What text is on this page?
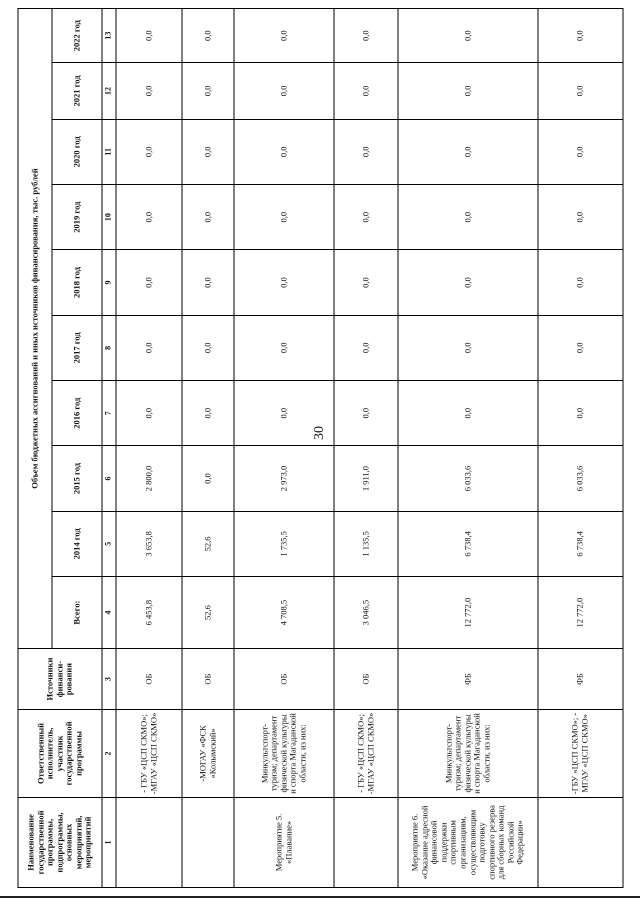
30
Наименование государственной программы, подпрограммы, основных мероприятий, мероприятий	Ответственный исполнитель, участник государственной программы	Источники финанси-рования	Объем бюджетных ассигнований и иных источников финансирования, тыс. рублей									
			Всего:	2014 год	2015 год	2016 год	2017 год	2018 год	2019 год	2020 год	2021 год	2022 год
1	2	3	4	5	6	7	8	9	10	11	12	13
	- ГБУ «ЦСП СКМО»; -МГАУ «ЦСП СКМО»	ОБ	6 453,8	3 653,8	2 800,0	0,0	0,0	0,0	0,0	0,0	0,0	0,0
	-МОГАУ «ФСК «Колымский»	ОБ	52,6	52,6	0,0	0,0	0,0	0,0	0,0	0,0	0,0	0,0
Мероприятие 5. «Плавание»	Минкультспорт-туризм; департамент физической культуры и спорта Магаданской области, из них:	ОБ	4 708,5	1 735,5	2 973,0	0,0	0,0	0,0	0,0	0,0	0,0	0,0
	- ГБУ «ЦСП СКМО»; -МГАУ «ЦСП СКМО»	ОБ	3 046,5	1 135,5	1 911,0	0,0	0,0	0,0	0,0	0,0	0,0	0,0
Мероприятие 6. «Оказание адресной финансовой поддержки спортивным организациям, осуществляющим подготовку спортивного резерва для сборных команд Российской Федерации»	Минкультспорт-туризм; департамент физической культуры и спорта Магаданской области, из них:	ФБ	12 772,0	6 738,4	6 033,6	0,0	0,0	0,0	0,0	0,0	0,0	0,0
	-ГБУ «ЦСП СКМО»; - МГАУ «ЦСП СКМО»	ФБ	12 772,0	6 738,4	6 033,6	0,0	0,0	0,0	0,0	0,0	0,0	0,0
